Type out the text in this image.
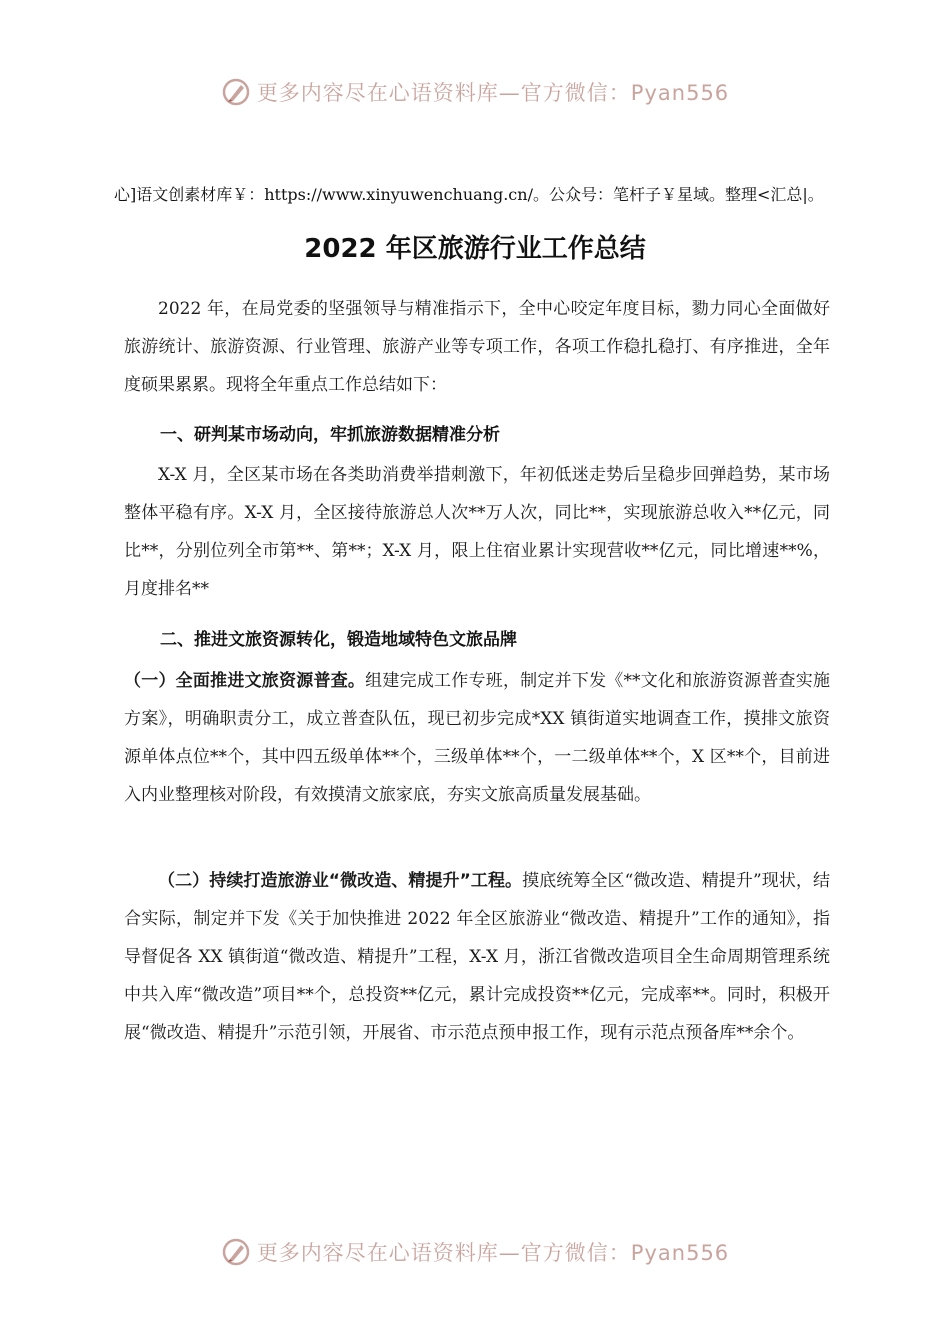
更多内容尽在心语资料库—官方微信：Pyan556
心]语文创素材库￥：https://www.xinyuwenchuang.cn/。公众号：笔杆子￥星域。整理<汇总|。
2022 年区旅游行业工作总结

2022 年，在局党委的坚强领导与精准指示下，全中心咬定年度目标，勠力同心全面做好旅游统计、旅游资源、行业管理、旅游产业等专项工作，各项工作稳扎稳打、有序推进，全年度硕果累累。现将全年重点工作总结如下：

一、研判某市场动向，牢抓旅游数据精准分析

X-X 月，全区某市场在各类助消费举措刺激下，年初低迷走势后呈稳步回弹趋势，某市场整体平稳有序。X-X 月，全区接待旅游总人次**万人次，同比**，实现旅游总收入**亿元，同比**，分别位列全市第**、第**；X-X 月，限上住宿业累计实现营收**亿元，同比增速**%，月度排名**

二、推进文旅资源转化，锻造地域特色文旅品牌

（一）全面推进文旅资源普查。组建完成工作专班，制定并下发《**文化和旅游资源普查实施方案》，明确职责分工，成立普查队伍，现已初步完成*XX 镇街道实地调查工作，摸排文旅资源单体点位**个，其中四五级单体**个，三级单体**个，一二级单体**个，X 区**个，目前进入内业整理核对阶段，有效摸清文旅家底，夯实文旅高质量发展基础。

（二）持续打造旅游业“微改造、精提升”工程。摸底统筹全区“微改造、精提升”现状，结合实际，制定并下发《关于加快推进 2022 年全区旅游业“微改造、精提升”工作的通知》，指导督促各 XX 镇街道“微改造、精提升”工程，X-X 月，浙江省微改造项目全生命周期管理系统中共入库“微改造”项目**个，总投资**亿元，累计完成投资**亿元，完成率**。同时，积极开展“微改造、精提升”示范引领，开展省、市示范点预申报工作，现有示范点预备库**余个。

更多内容尽在心语资料库—官方微信：Pyan556
